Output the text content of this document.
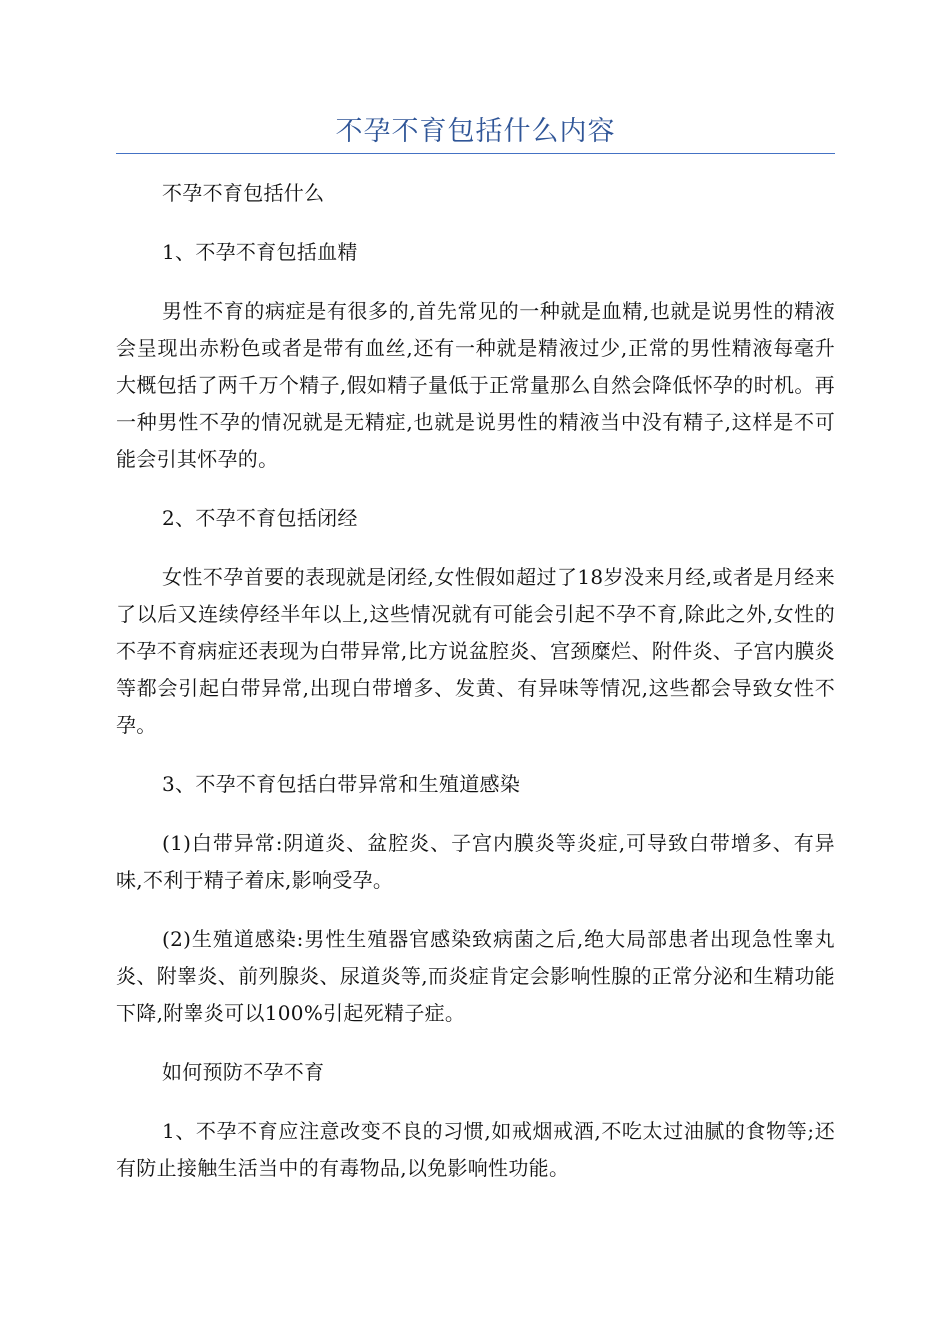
不孕不育包括什么内容

不孕不育包括什么

1、不孕不育包括血精

男性不育的病症是有很多的,首先常见的一种就是血精,也就是说男性的精液会呈现出赤粉色或者是带有血丝,还有一种就是精液过少,正常的男性精液每毫升大概包括了两千万个精子,假如精子量低于正常量那么自然会降低怀孕的时机。再一种男性不孕的情况就是无精症,也就是说男性的精液当中没有精子,这样是不可能会引其怀孕的。

2、不孕不育包括闭经

女性不孕首要的表现就是闭经,女性假如超过了18岁没来月经,或者是月经来了以后又连续停经半年以上,这些情况就有可能会引起不孕不育,除此之外,女性的不孕不育病症还表现为白带异常,比方说盆腔炎、宫颈糜烂、附件炎、子宫内膜炎等都会引起白带异常,出现白带增多、发黄、有异味等情况,这些都会导致女性不孕。

3、不孕不育包括白带异常和生殖道感染

(1)白带异常:阴道炎、盆腔炎、子宫内膜炎等炎症,可导致白带增多、有异味,不利于精子着床,影响受孕。

(2)生殖道感染:男性生殖器官感染致病菌之后,绝大局部患者出现急性睾丸炎、附睾炎、前列腺炎、尿道炎等,而炎症肯定会影响性腺的正常分泌和生精功能下降,附睾炎可以100%引起死精子症。

如何预防不孕不育

1、不孕不育应注意改变不良的习惯,如戒烟戒酒,不吃太过油腻的食物等;还有防止接触生活当中的有毒物品,以免影响性功能。
